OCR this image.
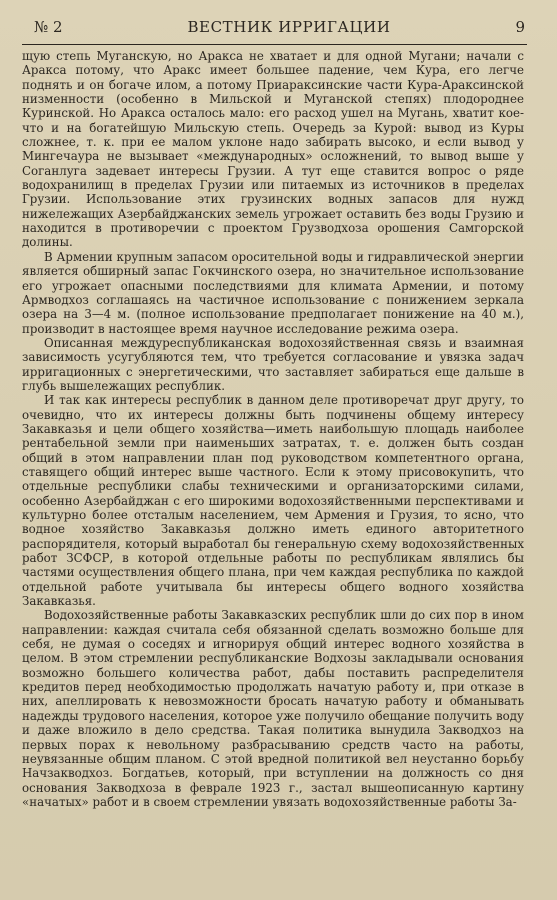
№ 2	ВЕСТНИК ИРРИГАЦИИ	9

щую степь Муганскую, но Аракса не хватает и для одной Мугани; начали с Аракса потому, что Аракс имеет большее падение, чем Кура, его легче поднять и он богаче илом, а потому Приараксинские части Кура-Араксинской низменности (особенно в Мильской и Муганской степях) плодороднее Куринской. Но Аракса осталось мало: его расход ушел на Мугань, хватит кое-что и на богатейшую Мильскую степь. Очередь за Курой: вывод из Куры сложнее, т. к. при ее малом уклоне надо забирать высоко, и если вывод у Мингечаура не вызывает «международных» осложнений, то вывод выше у Соганлуга задевает интересы Грузии. А тут еще ставится вопрос о ряде водохранилищ в пределах Грузии или питаемых из источников в пределах Грузии. Использование этих грузинских водных запасов для нужд нижележащих Азербайджанских земель угрожает оставить без воды Грузию и находится в противоречии с проектом Грузводхоза орошения Самгорской долины.

В Армении крупным запасом оросительной воды и гидравлической энергии является обширный запас Гокчинского озера, но значительное использование его угрожает опасными последствиями для климата Армении, и потому Армводхоз соглашаясь на частичное использование с понижением зеркала озера на 3—4 м. (полное использование предполагает понижение на 40 м.), производит в настоящее время научное исследование режима озера.

Описанная междуреспубликанская водохозяйственная связь и взаимная зависимость усугубляются тем, что требуется согласование и увязка задач ирригационных с энергетическими, что заставляет забираться еще дальше в глубь вышележащих республик.

И так как интересы республик в данном деле противоречат друг другу, то очевидно, что их интересы должны быть подчинены общему интересу Закавказья и цели общего хозяйства—иметь наибольшую площадь наиболее рентабельной земли при наименьших затратах, т. е. должен быть создан общий в этом направлении план под руководством компетентного органа, ставящего общий интерес выше частного. Если к этому присовокупить, что отдельные республики слабы техническими и организаторскими силами, особенно Азербайджан с его широкими водохозяйственными перспективами и культурно более отсталым населением, чем Армения и Грузия, то ясно, что водное хозяйство Закавказья должно иметь единого авторитетного распорядителя, который выработал бы генеральную схему водохозяйственных работ ЗСФСР, в которой отдельные работы по республикам являлись бы частями осуществления общего плана, при чем каждая республика по каждой отдельной работе учитывала бы интересы общего водного хозяйства Закавказья.

Водохозяйственные работы Закавказских республик шли до сих пор в ином направлении: каждая считала себя обязанной сделать возможно больше для себя, не думая о соседях и игнорируя общий интерес водного хозяйства в целом. В этом стремлении республиканские Водхозы закладывали основания возможно большего количества работ, дабы поставить распределителя кредитов перед необходимостью продолжать начатую работу и, при отказе в них, апеллировать к невозможности бросать начатую работу и обманывать надежды трудового населения, которое уже получило обещание получить воду и даже вложило в дело средства. Такая политика вынудила Закводхоз на первых порах к невольному разбрасыванию средств часто на работы, неувязанные общим планом. С этой вредной политикой вел неустанно борьбу Начзакводхоз. Богдатьев, который, при вступлении на должность со дня основания Закводхоза в феврале 1923 г., застал вышеописанную картину «начатых» работ и в своем стремлении увязать водохозяйственные работы За-
